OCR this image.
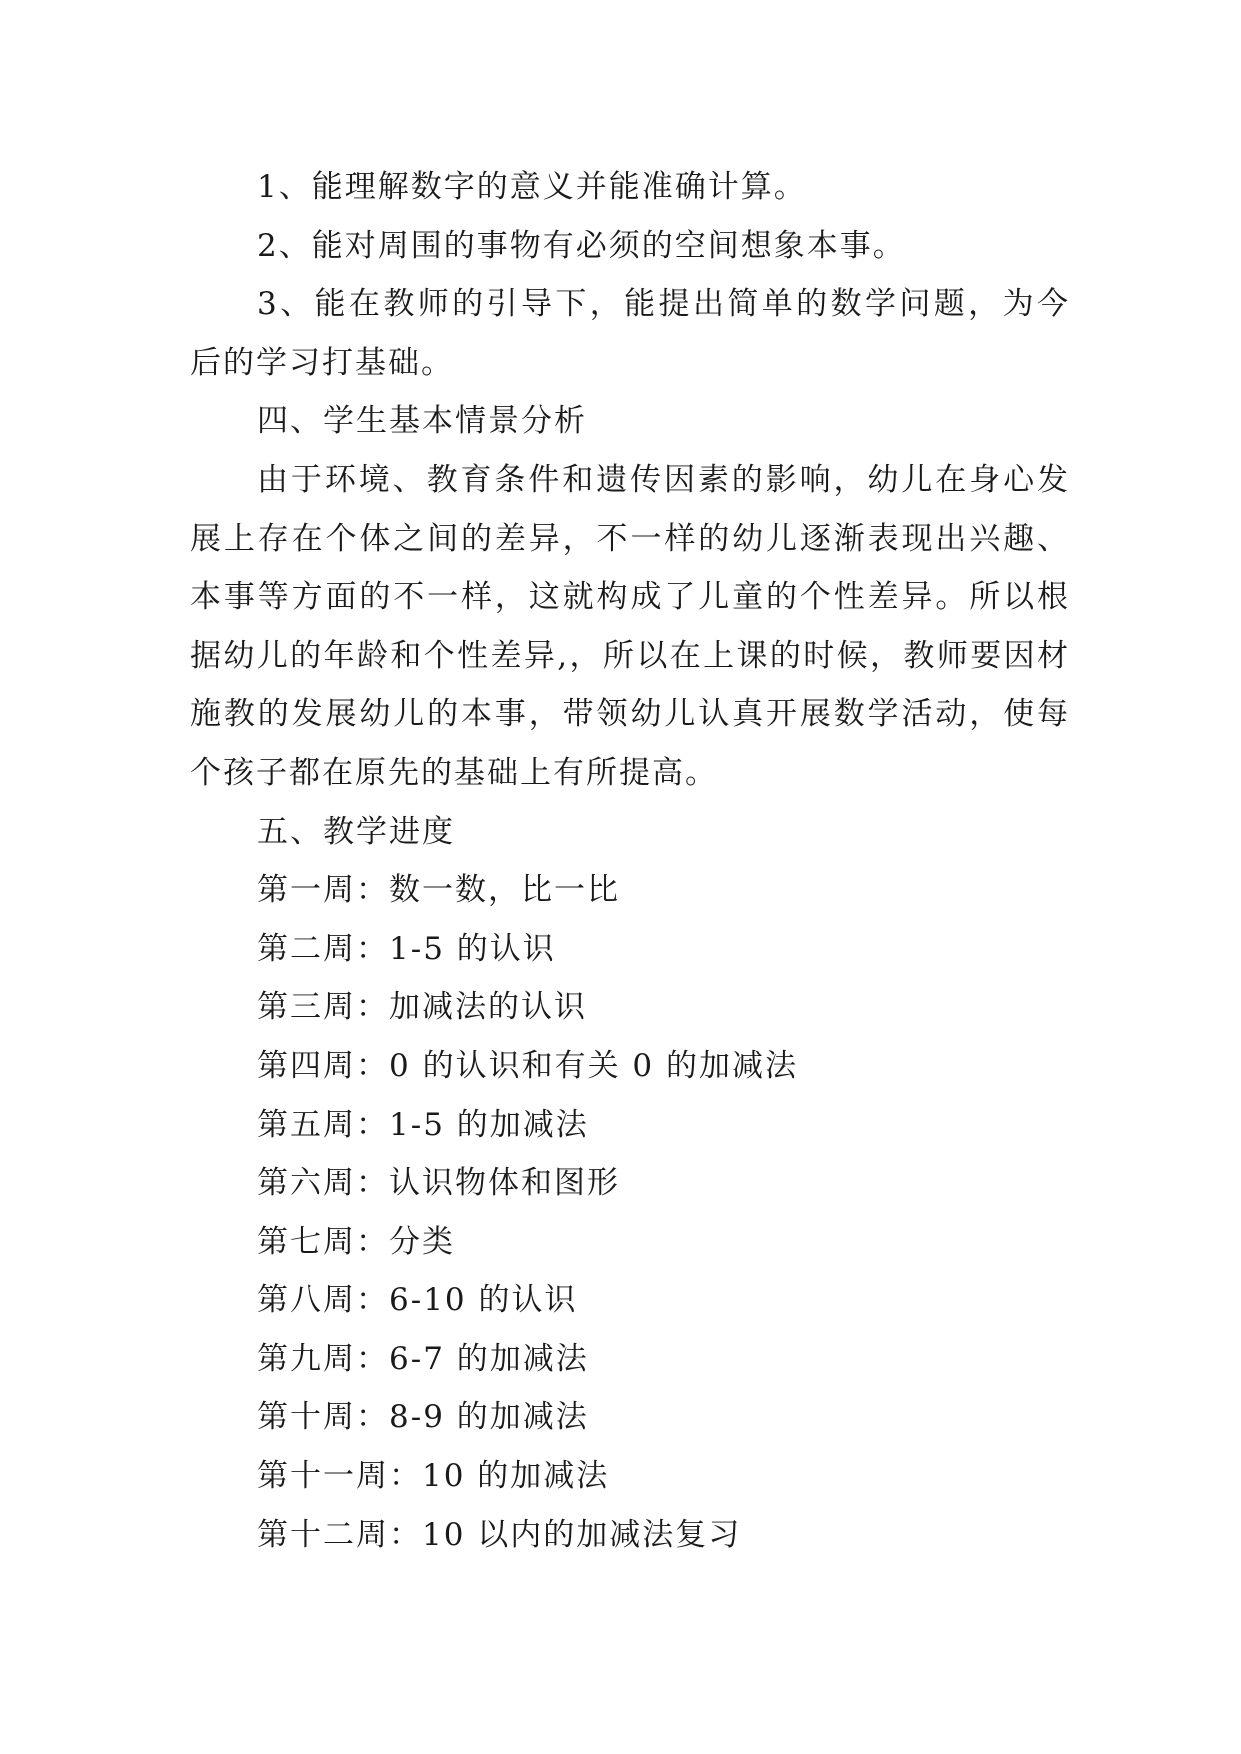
1、能理解数字的意义并能准确计算。

2、能对周围的事物有必须的空间想象本事。

3、能在教师的引导下，能提出简单的数学问题，为今后的学习打基础。

四、学生基本情景分析

由于环境、教育条件和遗传因素的影响，幼儿在身心发展上存在个体之间的差异，不一样的幼儿逐渐表现出兴趣、本事等方面的不一样，这就构成了儿童的个性差异。所以根据幼儿的年龄和个性差异,，所以在上课的时候，教师要因材施教的发展幼儿的本事，带领幼儿认真开展数学活动，使每个孩子都在原先的基础上有所提高。

五、教学进度

第一周：数一数，比一比

第二周：1-5 的认识

第三周：加减法的认识

第四周：0 的认识和有关 0 的加减法

第五周：1-5 的加减法

第六周：认识物体和图形

第七周：分类

第八周：6-10 的认识

第九周：6-7 的加减法

第十周：8-9 的加减法

第十一周：10 的加减法

第十二周：10 以内的加减法复习
